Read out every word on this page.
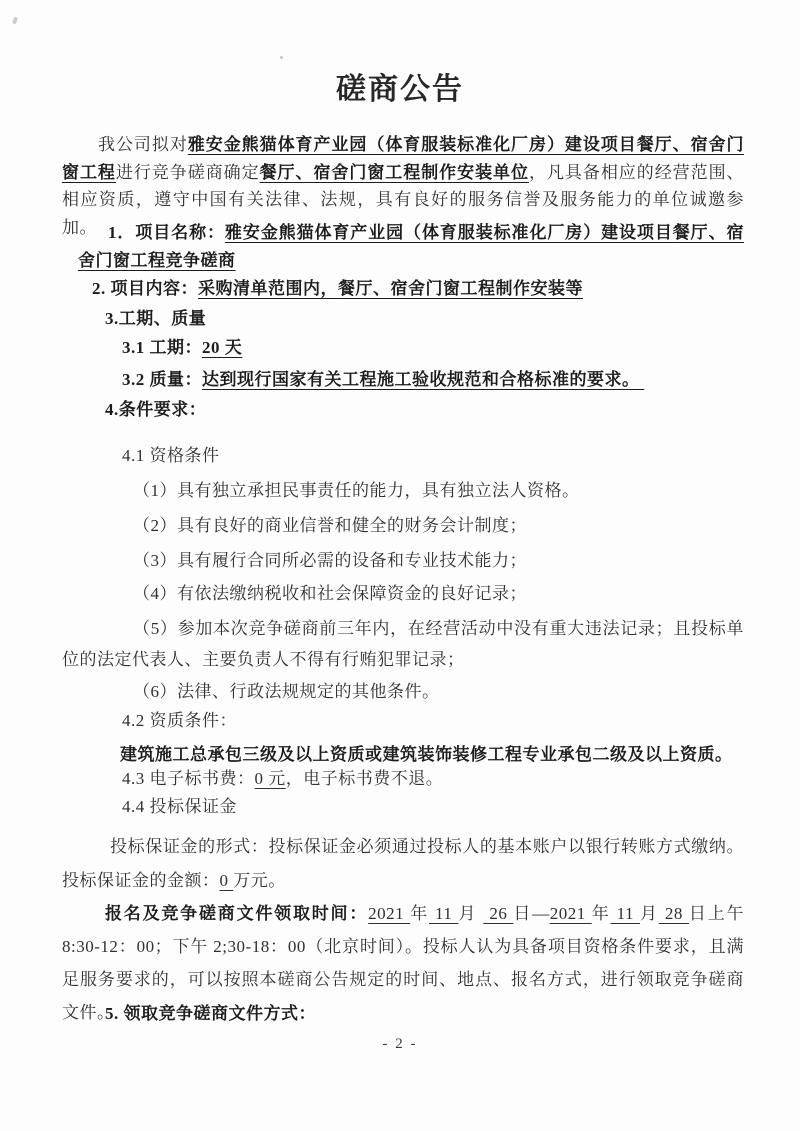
磋商公告

我公司拟对雅安金熊猫体育产业园（体育服装标准化厂房）建设项目餐厅、宿舍门窗工程进行竞争磋商确定餐厅、宿舍门窗工程制作安装单位，凡具备相应的经营范围、相应资质，遵守中国有关法律、法规，具有良好的服务信誉及服务能力的单位诚邀参加。 1．项目名称：雅安金熊猫体育产业园（体育服装标准化厂房）建设项目餐厅、宿舍门窗工程竞争磋商

2. 项目内容：采购清单范围内，餐厅、宿舍门窗工程制作安装等

3.工期、质量

3.1 工期：20 天

3.2 质量：达到现行国家有关工程施工验收规范和合格标准的要求。

4.条件要求：

4.1 资格条件

（1）具有独立承担民事责任的能力，具有独立法人资格。

（2）具有良好的商业信誉和健全的财务会计制度；

（3）具有履行合同所必需的设备和专业技术能力；

（4）有依法缴纳税收和社会保障资金的良好记录；

（5）参加本次竞争磋商前三年内，在经营活动中没有重大违法记录；且投标单位的法定代表人、主要负责人不得有行贿犯罪记录；

（6）法律、行政法规规定的其他条件。

4.2 资质条件：

建筑施工总承包三级及以上资质或建筑装饰装修工程专业承包二级及以上资质。

4.3 电子标书费：0 元，电子标书费不退。

4.4 投标保证金

投标保证金的形式：投标保证金必须通过投标人的基本账户以银行转账方式缴纳。投标保证金的金额：0 万元。

报名及竞争磋商文件领取时间：2021 年 11 月  26 日—2021 年 11 月 28 日上午 8:30-12：00；下午 2;30-18：00（北京时间）。投标人认为具备项目资格条件要求，且满足服务要求的，可以按照本磋商公告规定的时间、地点、报名方式，进行领取竞争磋商文件。

5. 领取竞争磋商文件方式：

- 2 -
